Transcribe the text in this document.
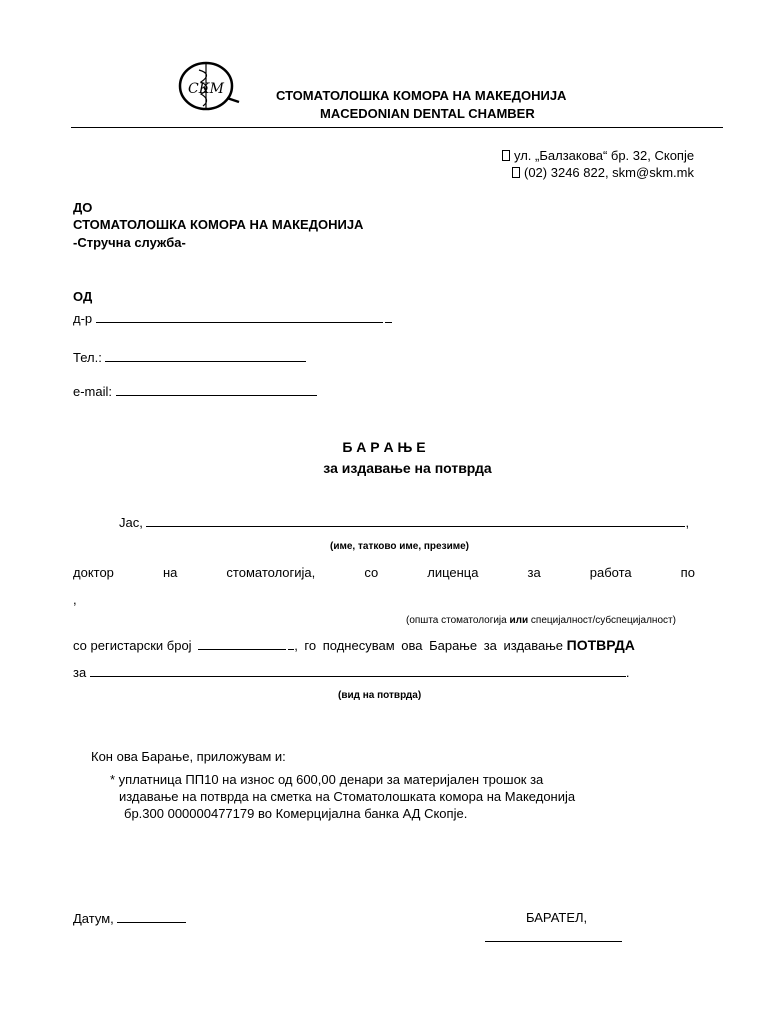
СКМ	СТОМАТОЛОШКА КОМОРА НА МАКЕДОНИЈА
MACEDONIAN DENTAL CHAMBER
ул. „Балзакова“ бр. 32, Скопје
(02) 3246 822, skm@skm.mk
ДО
СТОМАТОЛОШКА КОМОРА НА МАКЕДОНИЈА
-Стручна служба-
ОД
д-р
Тел.:
e-mail:
Б А Р А Њ Е
за издавање на потврда
Јас,	,
(име, татково име, презиме)
доктор	на	стоматологија,	со	лиценца	за	работа	по
,
(општа стоматологија или специјалност/субспецијалност)
со регистарски број	, го поднесувам ова Барање за издавање ПОТВРДА
за	.
(вид на потврда)
Кон ова Барање, приложувам и:
* уплатница ПП10 на износ од 600,00 денари за материјален трошок за
издавање на потврда на сметка на Стоматолошката комора на Македонија
бр.300 000000477179 во Комерцијална банка АД Скопје.
Датум,	БАРАТЕЛ,
